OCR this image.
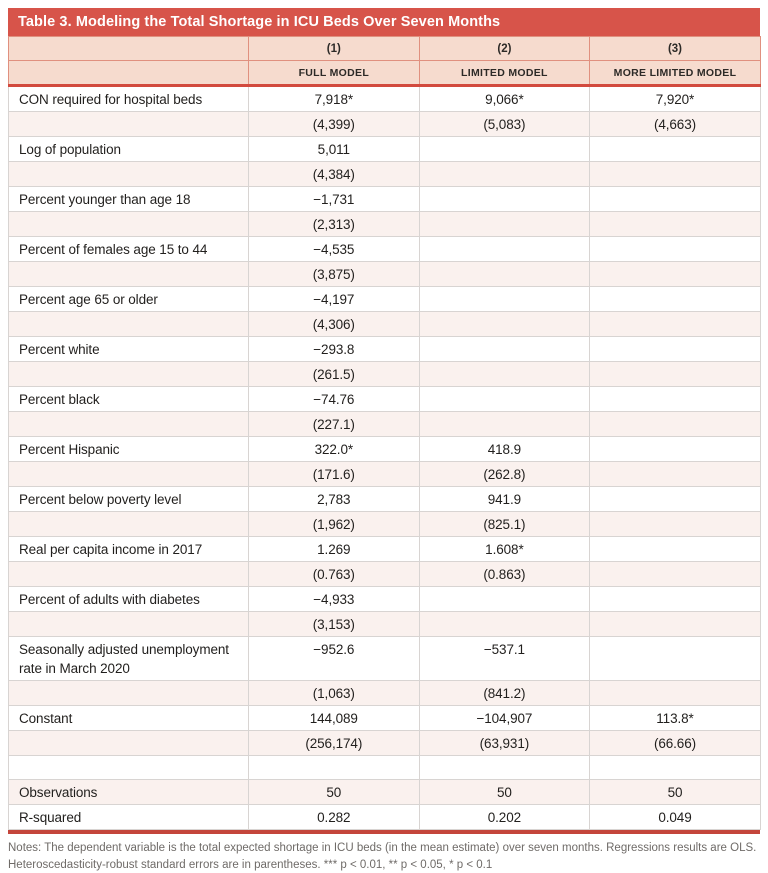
Table 3. Modeling the Total Shortage in ICU Beds Over Seven Months
	(1)	(2)	(3)
	FULL MODEL	LIMITED MODEL	MORE LIMITED MODEL
CON required for hospital beds	7,918*	9,066*	7,920*
	(4,399)	(5,083)	(4,663)
Log of population	5,011		
	(4,384)		
Percent younger than age 18	−1,731		
	(2,313)		
Percent of females age 15 to 44	−4,535		
	(3,875)		
Percent age 65 or older	−4,197		
	(4,306)		
Percent white	−293.8		
	(261.5)		
Percent black	−74.76		
	(227.1)		
Percent Hispanic	322.0*	418.9	
	(171.6)	(262.8)	
Percent below poverty level	2,783	941.9	
	(1,962)	(825.1)	
Real per capita income in 2017	1.269	1.608*	
	(0.763)	(0.863)	
Percent of adults with diabetes	−4,933		
	(3,153)		
Seasonally adjusted unemployment rate in March 2020	−952.6	−537.1	
	(1,063)	(841.2)	
Constant	144,089	−104,907	113.8*
	(256,174)	(63,931)	(66.66)

Observations	50	50	50
R-squared	0.282	0.202	0.049

Notes: The dependent variable is the total expected shortage in ICU beds (in the mean estimate) over seven months. Regressions results are OLS. Heteroscedasticity-robust standard errors are in parentheses. *** p < 0.01, ** p < 0.05, * p < 0.1
